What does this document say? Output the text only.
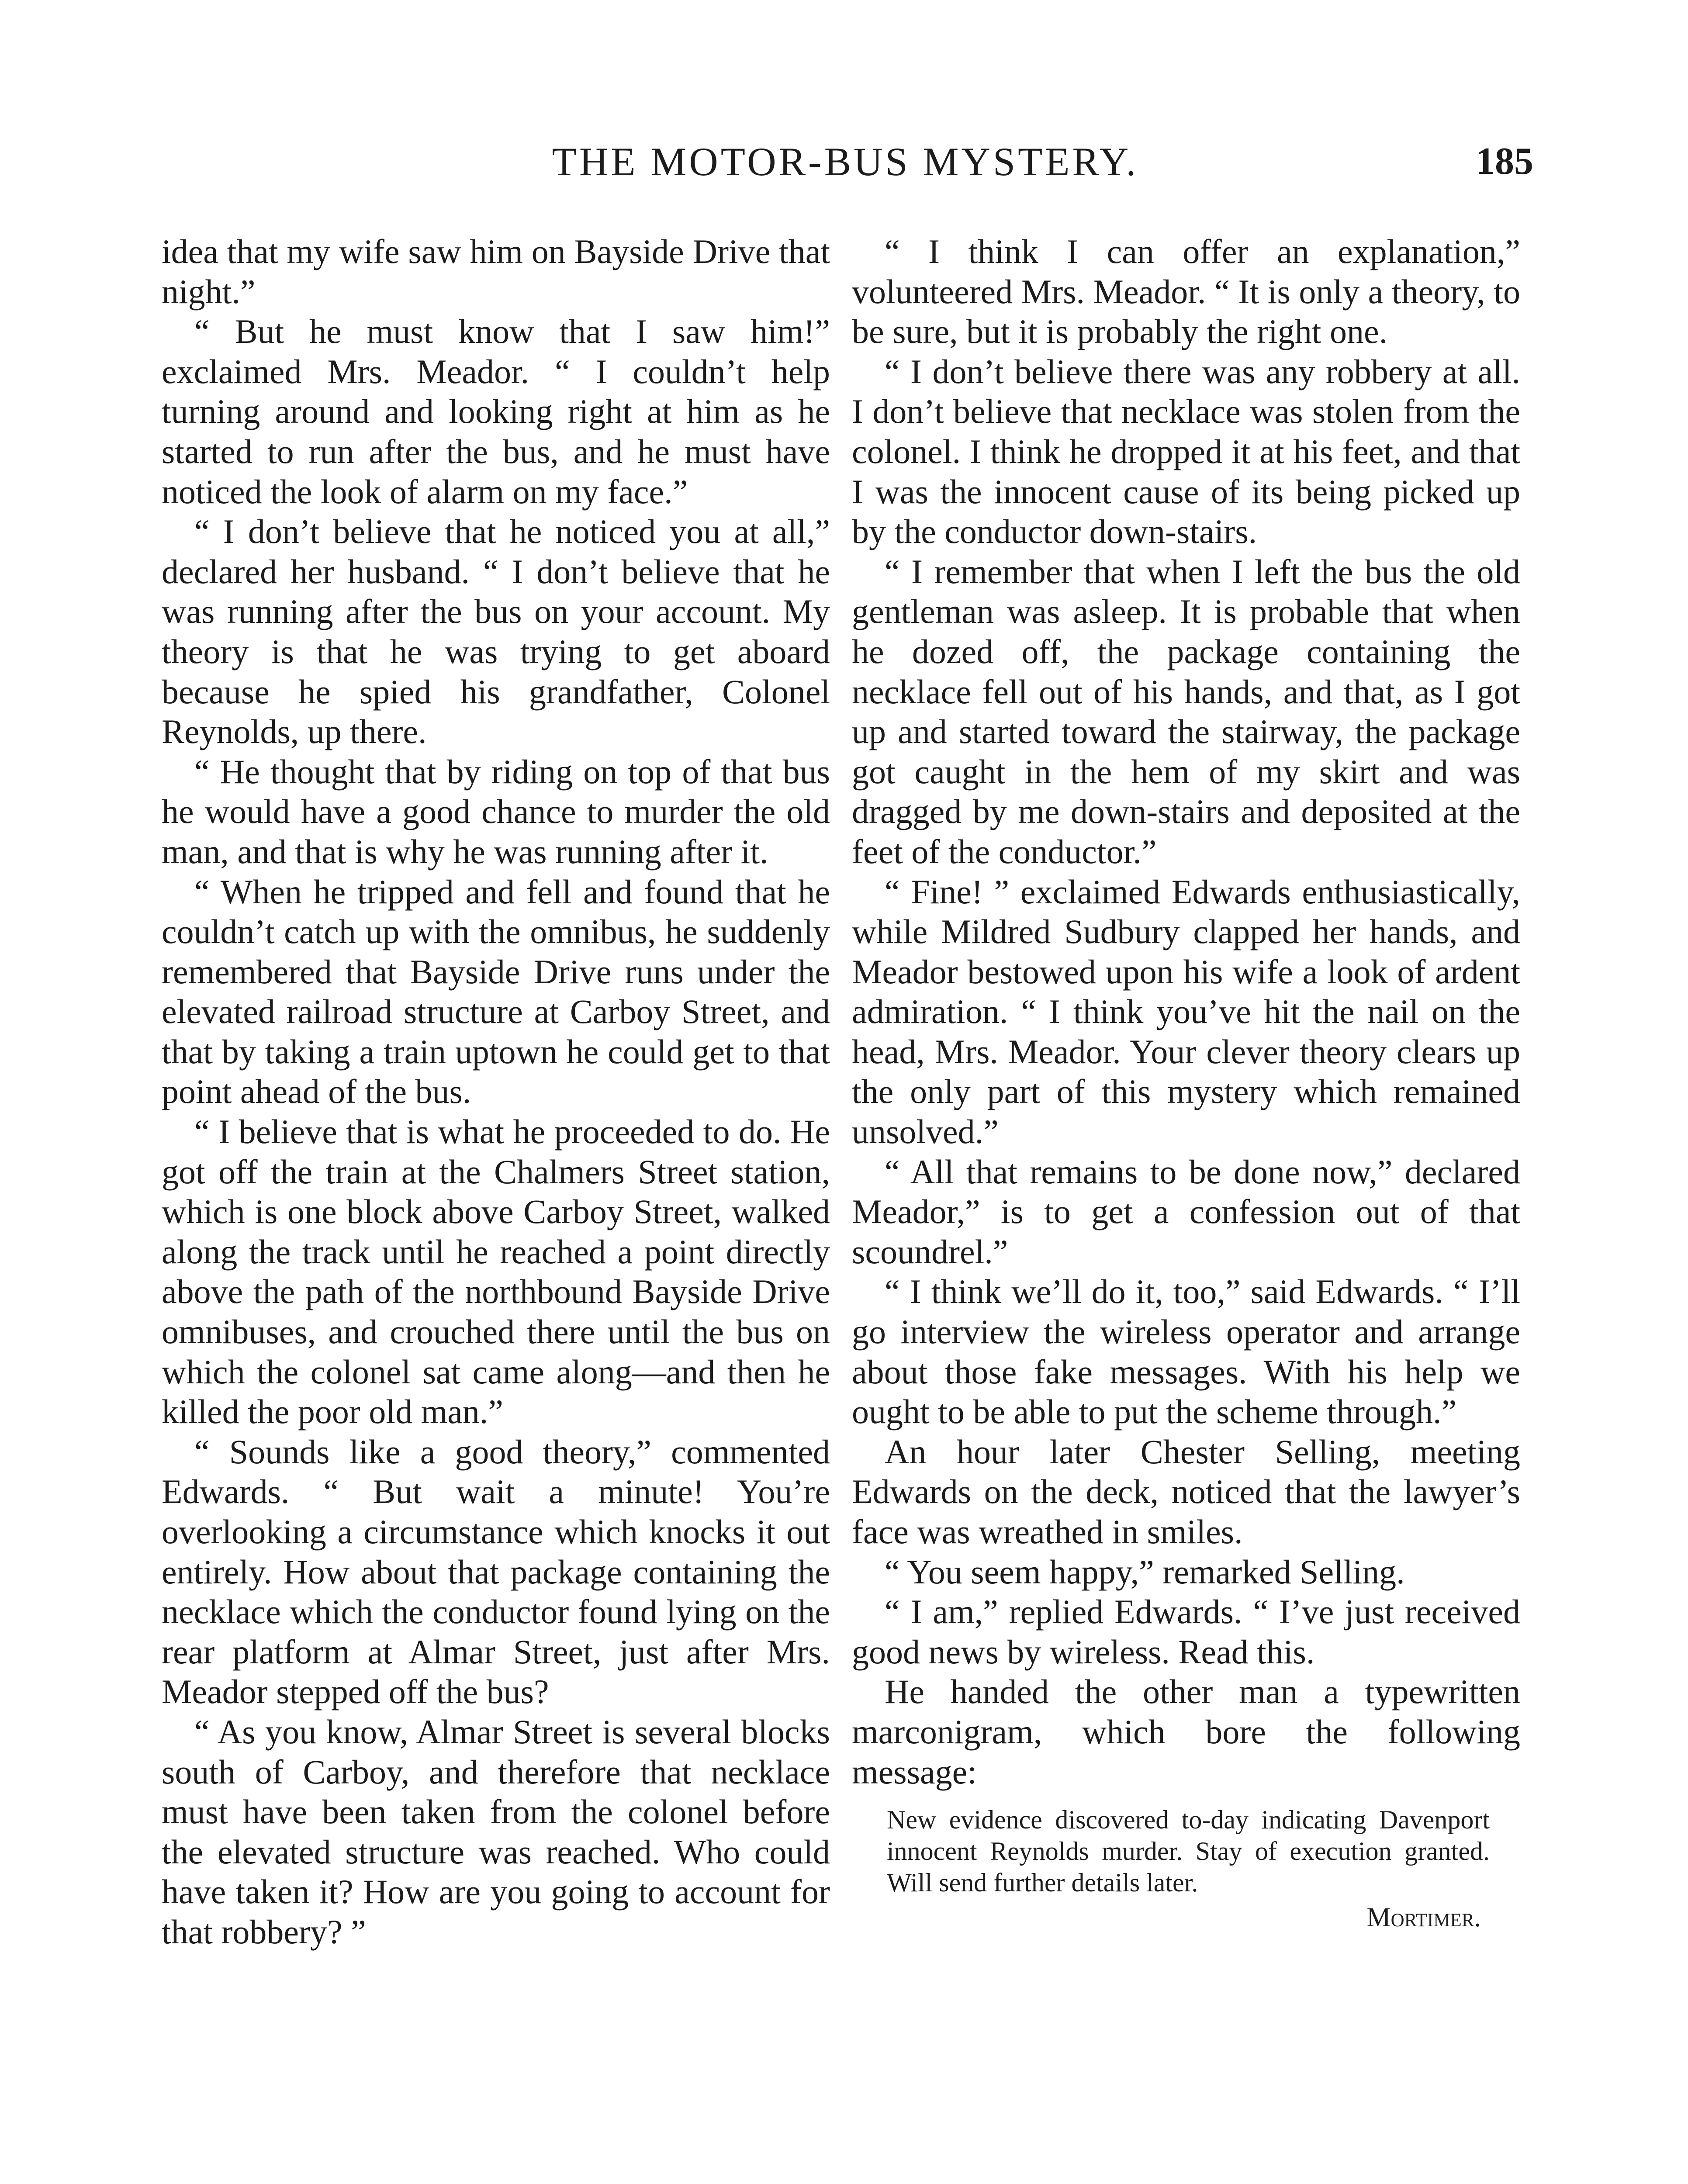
THE MOTOR-BUS MYSTERY.	185

idea that my wife saw him on Bayside Drive that night.”

“ But he must know that I saw him!” exclaimed Mrs. Meador. “ I couldn’t help turning around and looking right at him as he started to run after the bus, and he must have noticed the look of alarm on my face.”

“ I don’t believe that he noticed you at all,” declared her husband. “ I don’t believe that he was running after the bus on your account. My theory is that he was trying to get aboard because he spied his grandfather, Colonel Reynolds, up there.

“ He thought that by riding on top of that bus he would have a good chance to murder the old man, and that is why he was running after it.

“ When he tripped and fell and found that he couldn’t catch up with the omnibus, he suddenly remembered that Bayside Drive runs under the elevated railroad structure at Carboy Street, and that by taking a train uptown he could get to that point ahead of the bus.

“ I believe that is what he proceeded to do. He got off the train at the Chalmers Street station, which is one block above Carboy Street, walked along the track until he reached a point directly above the path of the northbound Bayside Drive omnibuses, and crouched there until the bus on which the colonel sat came along—and then he killed the poor old man.”

“ Sounds like a good theory,” commented Edwards. “ But wait a minute! You’re overlooking a circumstance which knocks it out entirely. How about that package containing the necklace which the conductor found lying on the rear platform at Almar Street, just after Mrs. Meador stepped off the bus?

“ As you know, Almar Street is several blocks south of Carboy, and therefore that necklace must have been taken from the colonel before the elevated structure was reached. Who could have taken it? How are you going to account for that robbery? ”

“ I think I can offer an explanation,” volunteered Mrs. Meador. “ It is only a theory, to be sure, but it is probably the right one.

“ I don’t believe there was any robbery at all. I don’t believe that necklace was stolen from the colonel. I think he dropped it at his feet, and that I was the innocent cause of its being picked up by the conductor down-stairs.

“ I remember that when I left the bus the old gentleman was asleep. It is probable that when he dozed off, the package containing the necklace fell out of his hands, and that, as I got up and started toward the stairway, the package got caught in the hem of my skirt and was dragged by me down-stairs and deposited at the feet of the conductor.”

“ Fine! ” exclaimed Edwards enthusiastically, while Mildred Sudbury clapped her hands, and Meador bestowed upon his wife a look of ardent admiration. “ I think you’ve hit the nail on the head, Mrs. Meador. Your clever theory clears up the only part of this mystery which remained unsolved.”

“ All that remains to be done now,” declared Meador,” is to get a confession out of that scoundrel.”

“ I think we’ll do it, too,” said Edwards. “ I’ll go interview the wireless operator and arrange about those fake messages. With his help we ought to be able to put the scheme through.”

An hour later Chester Selling, meeting Edwards on the deck, noticed that the lawyer’s face was wreathed in smiles.

“ You seem happy,” remarked Selling.

“ I am,” replied Edwards. “ I’ve just received good news by wireless. Read this.

He handed the other man a typewritten marconigram, which bore the following message:

New evidence discovered to-day indicating Davenport innocent Reynolds murder. Stay of execution granted. Will send further details later.

Mortimer.
